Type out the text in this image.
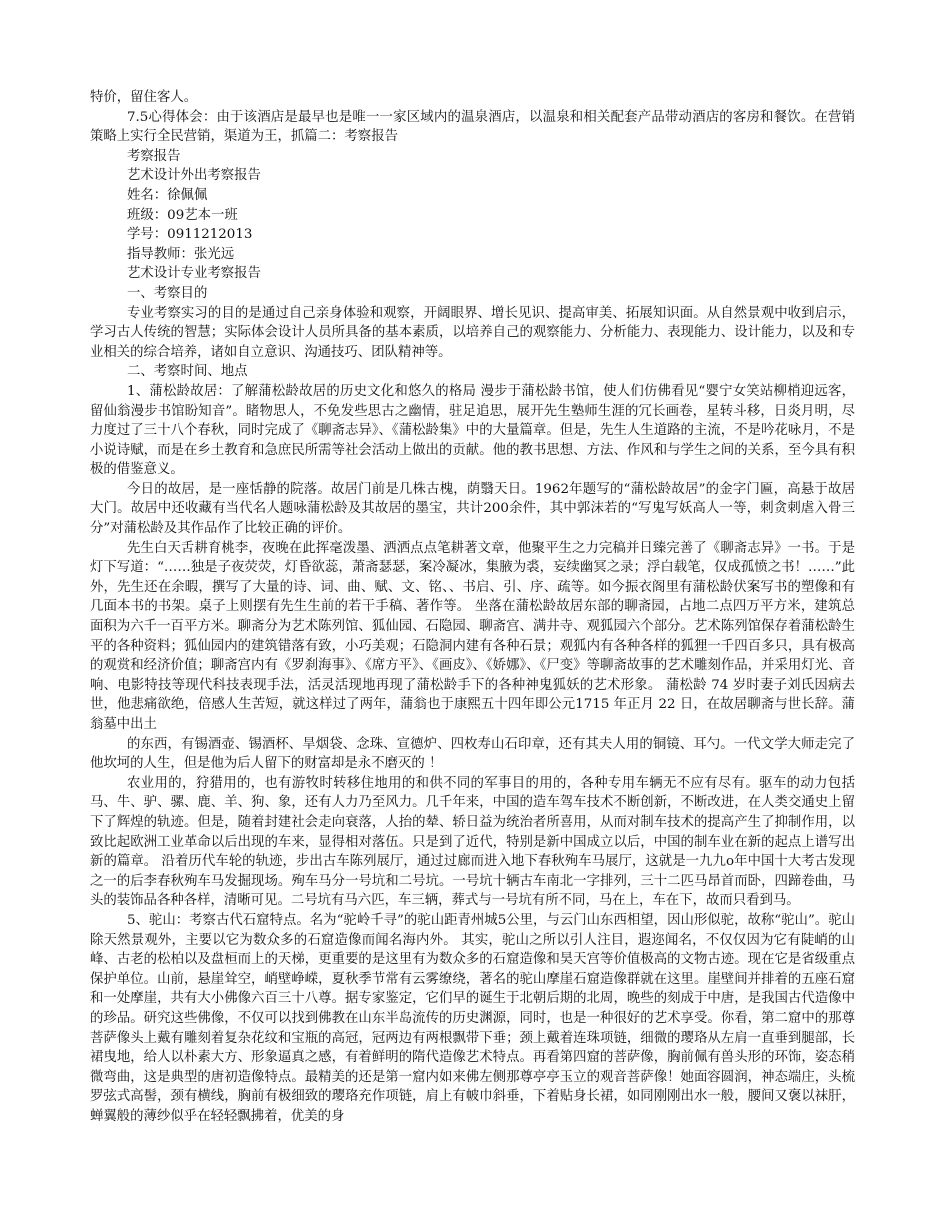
特价，留住客人。

7.5心得体会：由于该酒店是最早也是唯一一家区域内的温泉酒店，以温泉和相关配套产品带动酒店的客房和餐饮。在营销策略上实行全民营销，渠道为王，抓篇二：考察报告

考察报告

艺术设计外出考察报告

姓名：徐佩佩

班级：09艺本一班

学号：0911212013

指导教师：张光远

艺术设计专业考察报告

一、考察目的

专业考察实习的目的是通过自己亲身体验和观察，开阔眼界、增长见识、提高审美、拓展知识面。从自然景观中收到启示，学习古人传统的智慧；实际体会设计人员所具备的基本素质，以培养自己的观察能力、分析能力、表现能力、设计能力，以及和专业相关的综合培养，诸如自立意识、沟通技巧、团队精神等。

二、考察时间、地点

1、蒲松龄故居：了解蒲松龄故居的历史文化和悠久的格局 漫步于蒲松龄书馆，使人们仿佛看见“婴宁女笑站柳梢迎远客，留仙翁漫步书馆盼知音”。睹物思人，不免发些思古之幽情，驻足追思，展开先生塾师生涯的冗长画卷，星转斗移，日炎月明，尽力度过了三十八个春秋，同时完成了《聊斋志异》、《蒲松龄集》中的大量篇章。但是，先生人生道路的主流，不是吟花咏月，不是小说诗赋，而是在乡土教育和急庶民所需等社会活动上做出的贡献。他的教书思想、方法、作风和与学生之间的关系，至今具有积极的借鉴意义。

今日的故居，是一座恬静的院落。故居门前是几株古槐，荫翳天日。1962年题写的“蒲松龄故居”的金字门匾，高悬于故居大门。故居中还收藏有当代名人题咏蒲松龄及其故居的墨宝，共计200余件，其中郭沫若的“写鬼写妖高人一等，刺贪刺虐入骨三分”对蒲松龄及其作品作了比较正确的评价。

先生白天舌耕育桃李，夜晚在此挥毫泼墨、洒洒点点笔耕著文章，他聚平生之力完稿并日臻完善了《聊斋志异》一书。于是灯下写道：“……独是子夜荧荧，灯昏欲蕊，萧斋瑟瑟，案冷凝冰，集腋为裘，妄续幽冥之录；浮白载笔，仅成孤愤之书！……”此外，先生还在余暇，撰写了大量的诗、词、曲、赋、文、铭、、书启、引、序、疏等。如今振衣阁里有蒲松龄伏案写书的塑像和有几面本书的书架。桌子上则摆有先生生前的若干手稿、著作等。 坐落在蒲松龄故居东部的聊斋园，占地二点四万平方米，建筑总面积为六千一百平方米。聊斋分为艺术陈列馆、狐仙园、石隐园、聊斋宫、满井寺、观狐园六个部分。艺术陈列馆保存着蒲松龄生平的各种资料；狐仙园内的建筑错落有致，小巧美观；石隐洞内建有各种石景；观狐内有各种各样的狐狸一千四百多只，具有极高的观赏和经济价值；聊斋宫内有《罗刹海事》、《席方平》、《画皮》、《娇娜》、《尸变》等聊斋故事的艺术雕刻作品，并采用灯光、音响、电影特技等现代科技表现手法，活灵活现地再现了蒲松龄手下的各种神鬼狐妖的艺术形象。 蒲松龄 74 岁时妻子刘氏因病去世，他悲痛欲绝，倍感人生苦短，就这样过了两年，蒲翁也于康熙五十四年即公元1715 年正月 22 日，在故居聊斋与世长辞。蒲翁墓中出土

的东西，有锡酒壶、锡酒杯、旱烟袋、念珠、宣德炉、四枚寿山石印章，还有其夫人用的铜镜、耳勺。一代文学大师走完了他坎坷的人生，但是他为后人留下的财富却是永不磨灭的 ！

农业用的，狩猎用的，也有游牧时转移住地用的和供不同的军事目的用的，各种专用车辆无不应有尽有。驱车的动力包括马、牛、驴、骡、鹿、羊、狗、象，还有人力乃至风力。几千年来，中国的造车驾车技术不断创新，不断改进，在人类交通史上留下了辉煌的轨迹。但是，随着封建社会走向衰落，人抬的辇、轿日益为统治者所喜用，从而对制车技术的提高产生了抑制作用，以致比起欧洲工业革命以后出现的车来，显得相对落伍。只是到了近代，特别是新中国成立以后，中国的制车业在新的起点上谱写出新的篇章。 沿着历代车轮的轨迹，步出古车陈列展厅，通过过廊而进入地下春秋殉车马展厅，这就是一九九o年中国十大考古发现之一的后李春秋殉车马发掘现场。殉车马分一号坑和二号坑。一号坑十辆古车南北一字排列，三十二匹马昂首而卧，四蹄卷曲，马头的装饰品各种各样，清晰可见。二号坑有马六匹，车三辆，葬式与一号坑有所不同，马在上，车在下，故而只看到马。

5、驼山：考察古代石窟特点。名为“驼岭千寻”的驼山距青州城5公里，与云门山东西相望，因山形似驼，故称“驼山”。驼山除天然景观外，主要以它为数众多的石窟造像而闻名海内外。 其实，驼山之所以引人注目，遐迩闻名，不仅仅因为它有陡峭的山峰、古老的松柏以及盘桓而上的天梯，更重要的是这里有为数众多的石窟造像和昊天宫等价值极高的文物古迹。现在它是省级重点保护单位。山前，悬崖耸空，峭壁峥嵘，夏秋季节常有云雾缭绕，著名的驼山摩崖石窟造像群就在这里。崖壁间并排着的五座石窟和一处摩崖，共有大小佛像六百三十八尊。据专家鉴定，它们早的诞生于北朝后期的北周，晚些的刻成于中唐，是我国古代造像中的珍品。研究这些佛像，不仅可以找到佛教在山东半岛流传的历史渊源，同时，也是一种很好的艺术享受。你看，第二窟中的那尊菩萨像头上戴有雕刻着复杂花纹和宝瓶的高冠，冠两边有两根飘带下垂；颈上戴着连珠项链，细微的璎珞从左肩一直垂到腿部，长裙曳地，给人以朴素大方、形象逼真之感，有着鲜明的隋代造像艺术特点。再看第四窟的菩萨像，胸前佩有兽头形的环饰，姿态稍微弯曲，这是典型的唐初造像特点。最精美的还是第一窟内如来佛左侧那尊亭亭玉立的观音菩萨像！她面容圆润，神态端庄，头梳罗弦式高髻，颈有横线，胸前有极细致的璎珞充作项链，肩上有帔巾斜垂，下着贴身长裙，如同刚刚出水一般，腰间又褒以袜肝，蝉翼般的薄纱似乎在轻轻飘拂着，优美的身
